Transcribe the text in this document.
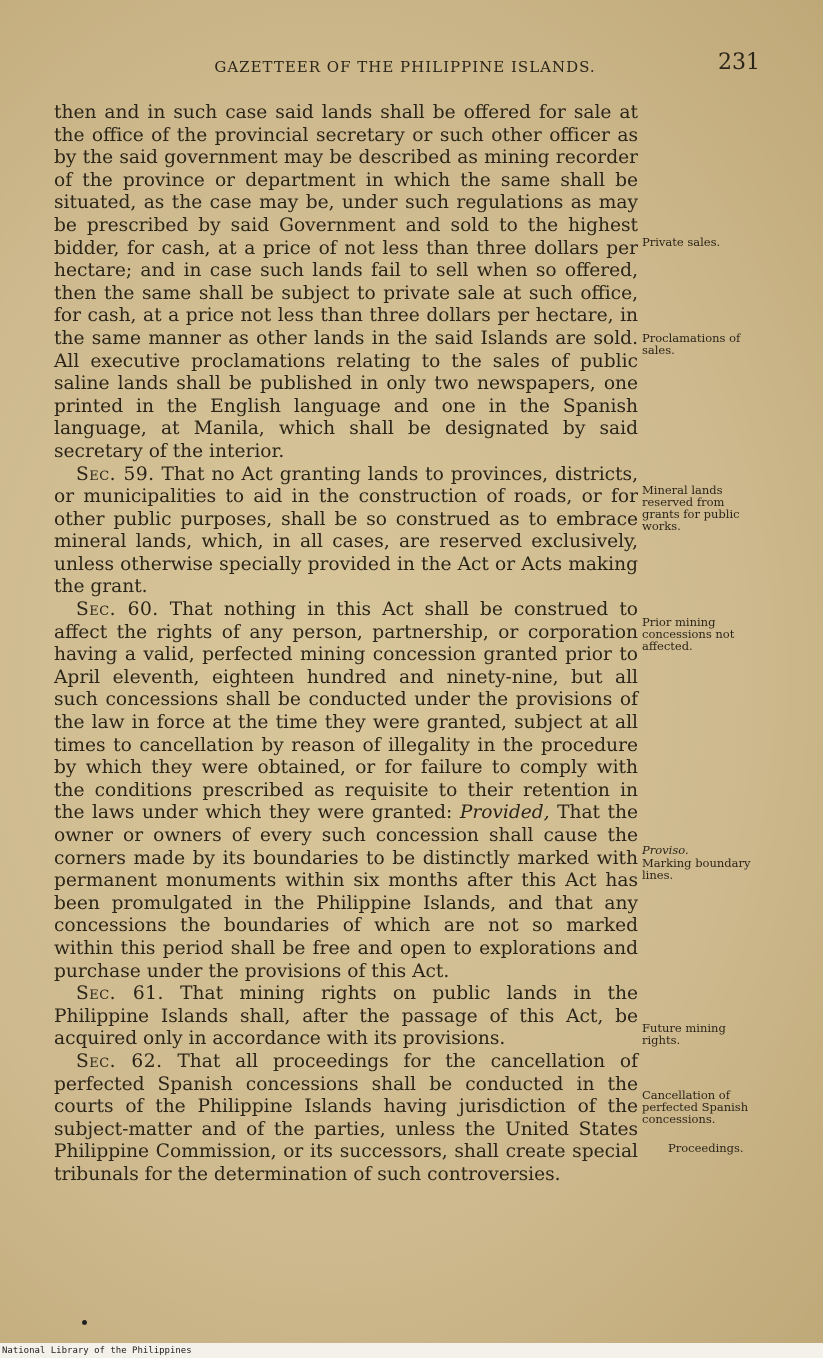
GAZETTEER OF THE PHILIPPINE ISLANDS.	231

then and in such case said lands shall be offered for sale at the office of the provincial secretary or such other officer as by the said government may be described as mining recorder of the province or department in which the same shall be situated, as the case may be, under such regulations as may be prescribed by said Government and sold to the highest bidder, for cash, at a price of not less than three dollars per hectare; and in case such lands fail to sell when so offered, then the same shall be subject to private sale at such office, for cash, at a price not less than three dollars per hectare, in the same manner as other lands in the said Islands are sold. All executive proclamations relating to the sales of public saline lands shall be published in only two newspapers, one printed in the English language and one in the Spanish language, at Manila, which shall be designated by said secretary of the interior.

Sec. 59. That no Act granting lands to provinces, districts, or municipalities to aid in the construction of roads, or for other public purposes, shall be so construed as to embrace mineral lands, which, in all cases, are reserved exclusively, unless otherwise specially provided in the Act or Acts making the grant.

Sec. 60. That nothing in this Act shall be construed to affect the rights of any person, partnership, or corporation having a valid, perfected mining concession granted prior to April eleventh, eighteen hundred and ninety-nine, but all such concessions shall be conducted under the provisions of the law in force at the time they were granted, subject at all times to cancellation by reason of illegality in the procedure by which they were obtained, or for failure to comply with the conditions prescribed as requisite to their retention in the laws under which they were granted: Provided, That the owner or owners of every such concession shall cause the corners made by its boundaries to be distinctly marked with permanent monuments within six months after this Act has been promulgated in the Philippine Islands, and that any concessions the boundaries of which are not so marked within this period shall be free and open to explorations and purchase under the provisions of this Act.

Sec. 61. That mining rights on public lands in the Philippine Islands shall, after the passage of this Act, be acquired only in accordance with its provisions.

Sec. 62. That all proceedings for the cancellation of perfected Spanish concessions shall be conducted in the courts of the Philippine Islands having jurisdiction of the subject-matter and of the parties, unless the United States Philippine Commission, or its successors, shall create special tribunals for the determination of such controversies.

Private sales.
Proclamations of sales.
Mineral lands reserved from grants for public works.
Prior mining concessions not affected.
Proviso.
Marking boundary lines.
Future mining rights.
Cancellation of perfected Spanish concessions.
Proceedings.
National Library of the Philippines
